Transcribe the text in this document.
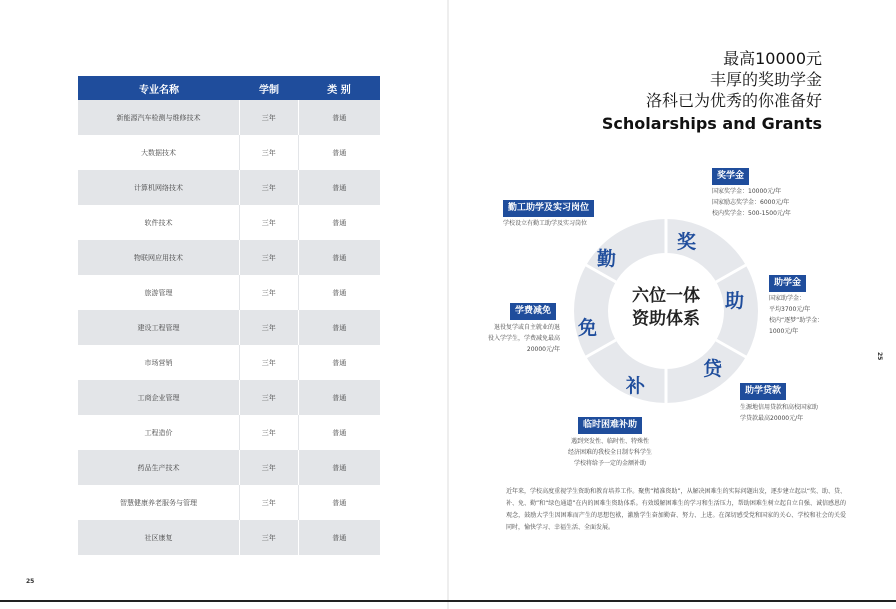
专业名称	学制	类 别
新能源汽车检测与维修技术	三年	普通
大数据技术	三年	普通
计算机网络技术	三年	普通
软件技术	三年	普通
物联网应用技术	三年	普通
旅游管理	三年	普通
建设工程管理	三年	普通
市场营销	三年	普通
工商企业管理	三年	普通
工程造价	三年	普通
药品生产技术	三年	普通
智慧健康养老服务与管理	三年	普通
社区康复	三年	普通
25
最高10000元
丰厚的奖助学金
洛科已为优秀的你准备好
Scholarships and Grants
25
奖
助
贷
补
免
勤
六位一体
资助体系
奖学金
国家奖学金：10000元/年
国家励志奖学金：6000元/年
校内奖学金：500-1500元/年
勤工助学及实习岗位
学校设立有勤工助学及实习岗位
助学金
国家助学金：
平均3700元/年
校内“逐梦”助学金：
1000元/年
学费减免
退役复学或自主就业的退
役入学学生，学费减免最高
20000元/年
助学贷款
生源地信用贷款和高校国家助
学贷款最高20000元/年
临时困难补助
遇到突发性、临时性、特殊性
经济困难的我校全日制专科学生
学校将给予一定的金额补助
近年来，学校高度重视学生资助和教育培养工作。聚焦“精准资助”，从解决困难生的实际问题出发，逐步建立起以“奖、助、贷、补、免、勤”和“绿色通道”在内的困难生资助体系。有效缓解困难生的学习和生活压力，帮助困难生树立起自立自强、诚信感恩的观念，鼓励大学生因困难而产生的思想包袱，激励学生奋加勤奋、努力、上进。在深切感受党和国家的关心、学校和社会的关爱同时，愉快学习、幸福生活、全面发展。
